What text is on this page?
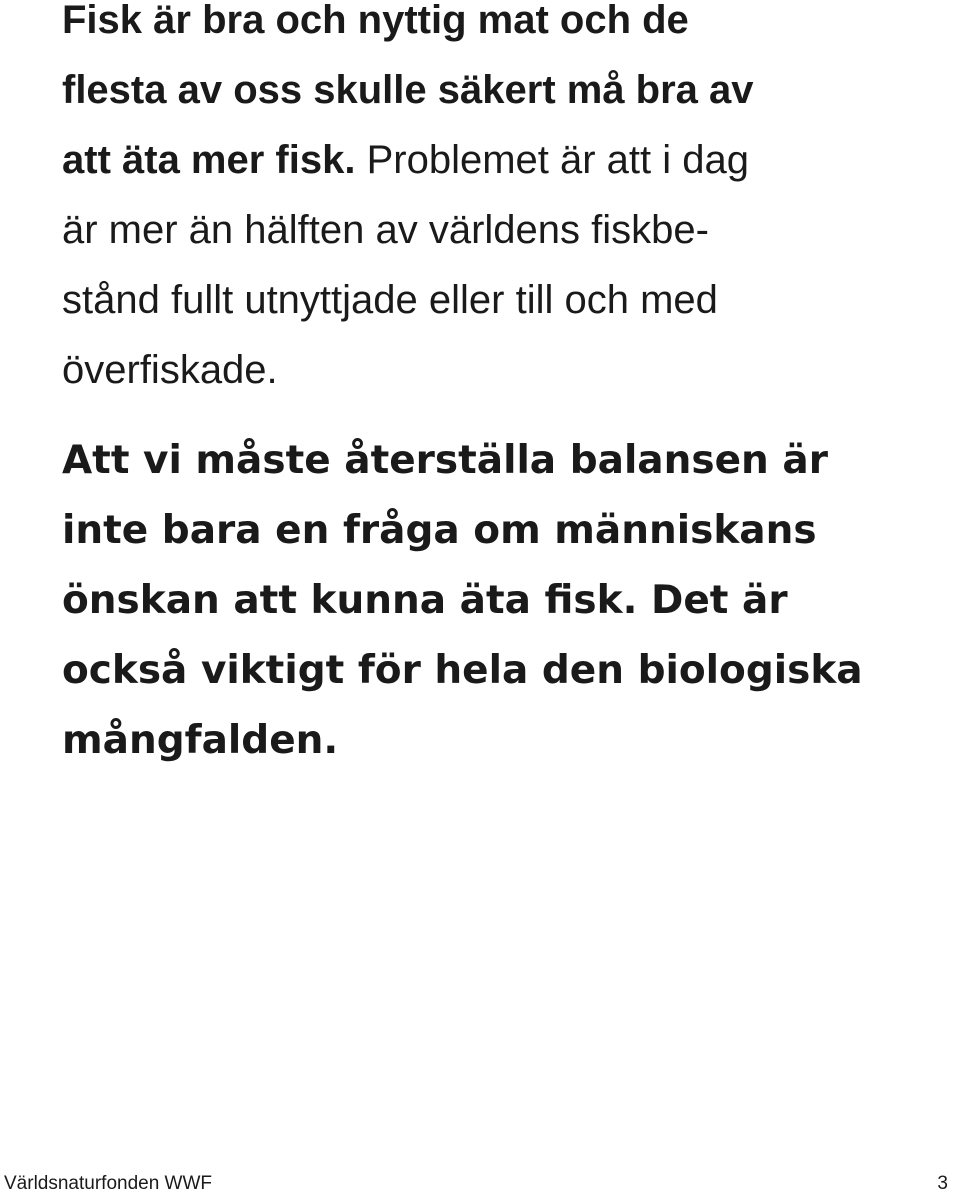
Fisk är bra och nyttig mat och de
flesta av oss skulle säkert må bra av
att äta mer fisk. Problemet är att i dag
är mer än hälften av världens fiskbe-
stånd fullt utnyttjade eller till och med
överfiskade.
Att vi måste återställa balansen är
inte bara en fråga om människans
önskan att kunna äta fisk. Det är
också viktigt för hela den biologiska
mångfalden.
Världsnaturfonden WWF	3
